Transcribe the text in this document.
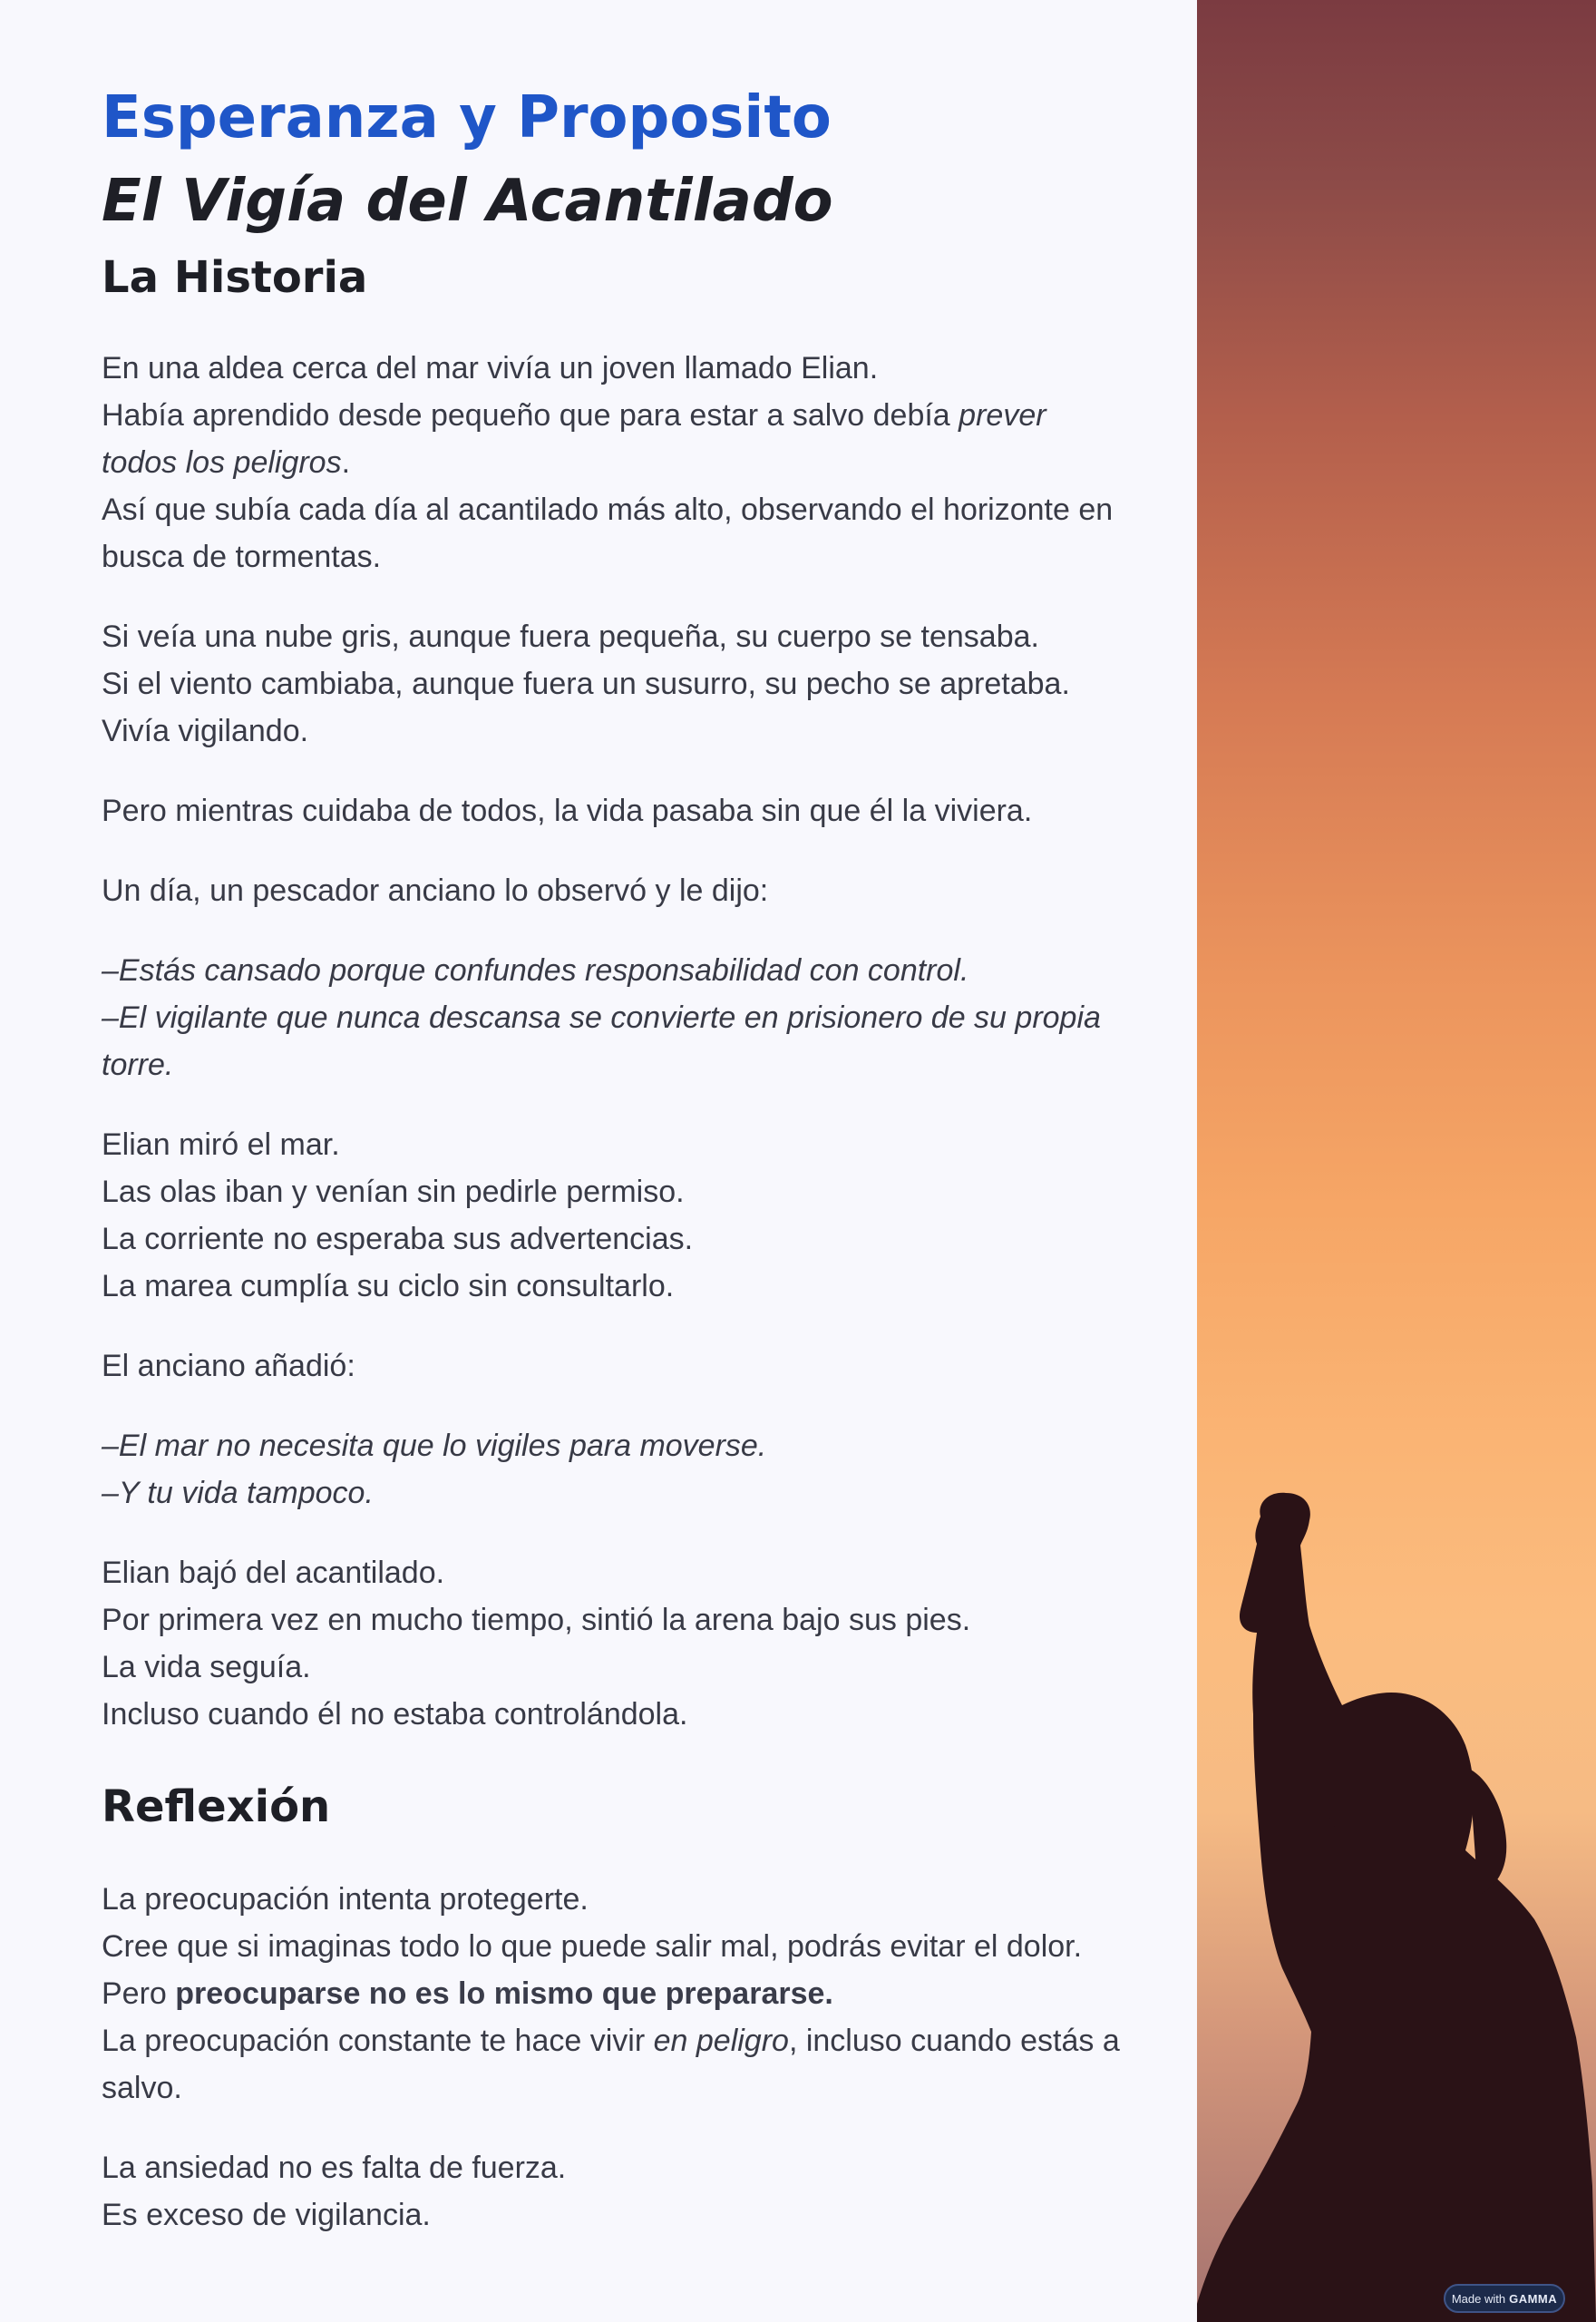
Esperanza y Proposito
El Vigía del Acantilado
La Historia

En una aldea cerca del mar vivía un joven llamado Elian.
Había aprendido desde pequeño que para estar a salvo debía prever todos los peligros.
Así que subía cada día al acantilado más alto, observando el horizonte en busca de tormentas.

Si veía una nube gris, aunque fuera pequeña, su cuerpo se tensaba.
Si el viento cambiaba, aunque fuera un susurro, su pecho se apretaba.
Vivía vigilando.

Pero mientras cuidaba de todos, la vida pasaba sin que él la viviera.

Un día, un pescador anciano lo observó y le dijo:

–Estás cansado porque confundes responsabilidad con control.
–El vigilante que nunca descansa se convierte en prisionero de su propia torre.

Elian miró el mar.
Las olas iban y venían sin pedirle permiso.
La corriente no esperaba sus advertencias.
La marea cumplía su ciclo sin consultarlo.

El anciano añadió:

–El mar no necesita que lo vigiles para moverse.
–Y tu vida tampoco.

Elian bajó del acantilado.
Por primera vez en mucho tiempo, sintió la arena bajo sus pies.
La vida seguía.
Incluso cuando él no estaba controlándola.

Reflexión

La preocupación intenta protegerte.
Cree que si imaginas todo lo que puede salir mal, podrás evitar el dolor. Pero preocuparse no es lo mismo que prepararse.
La preocupación constante te hace vivir en peligro, incluso cuando estás a salvo.

La ansiedad no es falta de fuerza.
Es exceso de vigilancia.

Made with GAMMA
